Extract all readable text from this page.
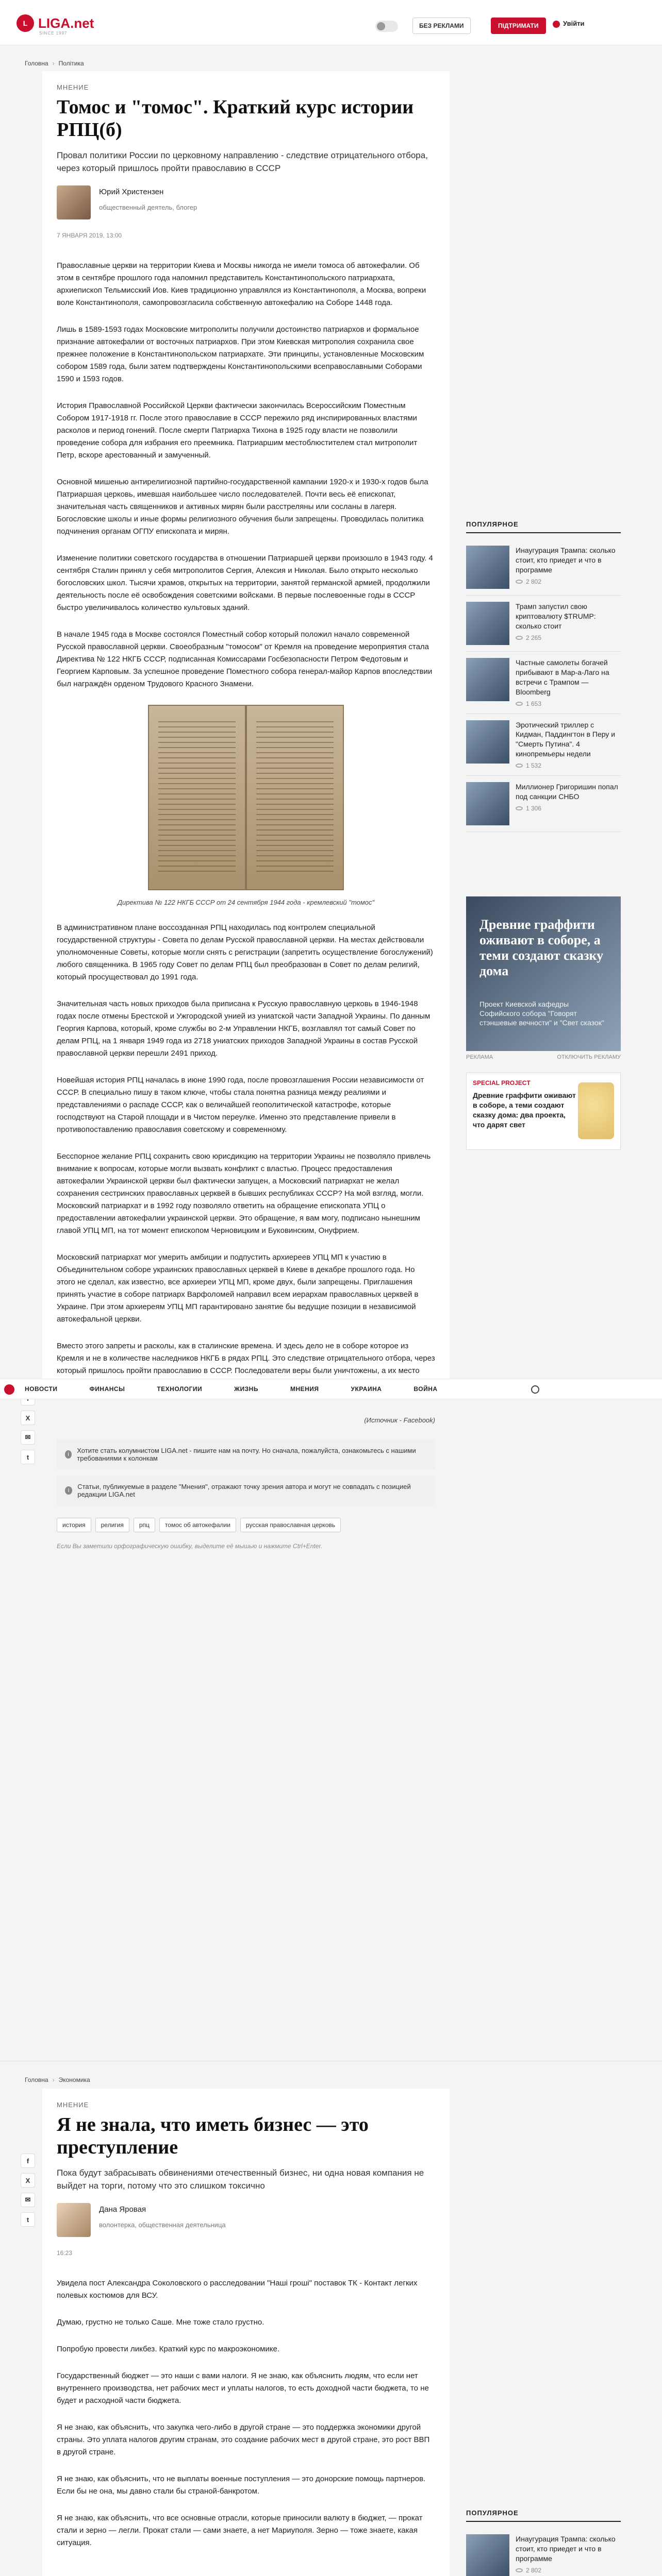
L LIGA.net
SINCE 1997
БЕЗ РЕКЛАМИ	ПІДТРИМАТИ	Увійти
Головна › Політика
МНЕНИЕ
Томос и "томос". Краткий курс истории РПЦ(б)
Провал политики России по церковному направлению - следствие отрицательного отбора, через который пришлось пройти православию в СССР
Юрий Христензен
общественный деятель, блогер
7 ЯНВАРЯ 2019, 13:00

Православные церкви на территории Киева и Москвы никогда не имели томоса об автокефалии. Об этом в сентябре прошлого года напомнил представитель Константинопольского патриархата, архиепископ Тельмисский Иов. Киев традиционно управлялся из Константинополя, а Москва, вопреки воле Константинополя, самопровозгласила собственную автокефалию на Соборе 1448 года.

Лишь в 1589-1593 годах Московские митрополиты получили достоинство патриархов и формальное признание автокефалии от восточных патриархов. При этом Киевская митрополия сохранила свое прежнее положение в Константинопольском патриархате. Эти принципы, установленные Московским собором 1589 года, были затем подтверждены Константинопольскими всеправославными Соборами 1590 и 1593 годов.

История Православной Российской Церкви фактически закончилась Всероссийским Поместным Собором 1917-1918 гг. После этого православие в СССР пережило ряд инспирированных властями расколов и период гонений. После смерти Патриарха Тихона в 1925 году власти не позволили проведение собора для избрания его преемника. Патриаршим местоблюстителем стал митрополит Петр, вскоре арестованный и замученный.

Основной мишенью антирелигиозной партийно-государственной кампании 1920-х и 1930-х годов была Патриаршая церковь, имевшая наибольшее число последователей. Почти весь её епископат, значительная часть священников и активных мирян были расстреляны или сосланы в лагеря. Богословские школы и иные формы религиозного обучения были запрещены. Проводилась политика подчинения органам ОГПУ епископата и мирян.

Изменение политики советского государства в отношении Патриаршей церкви произошло в 1943 году. 4 сентября Сталин принял у себя митрополитов Сергия, Алексия и Николая. Было открыто несколько богословских школ. Тысячи храмов, открытых на территории, занятой германской армией, продолжили деятельность после её освобождения советскими войсками. В первые послевоенные годы в СССР быстро увеличивалось количество культовых зданий.

В начале 1945 года в Москве состоялся Поместный собор который положил начало современной Русской православной церкви. Своеобразным "томосом" от Кремля на проведение мероприятия стала Директива № 122 НКГБ СССР, подписанная Комиссарами Госбезопасности Петром Федотовым и Георгием Карповым. За успешное проведение Поместного собора генерал-майор Карпов впоследствии был награждён орденом Трудового Красного Знамени.

Директива № 122 НКГБ СССР от 24 сентября 1944 года - кремлевский "томос"

В административном плане воссозданная РПЦ находилась под контролем специальной государственной структуры - Совета по делам Русской православной церкви. На местах действовали уполномоченные Советы, которые могли снять с регистрации (запретить осуществление богослужений) любого священника. В 1965 году Совет по делам РПЦ был преобразован в Совет по делам религий, который просуществовал до 1991 года.

Значительная часть новых приходов была приписана к Русскую православную церковь в 1946-1948 годах после отмены Брестской и Ужгородской унией из униатской части Западной Украины. По данным Георгия Карпова, который, кроме службы во 2-м Управлении НКГБ, возглавлял тот самый Совет по делам РПЦ, на 1 января 1949 года из 2718 униатских приходов Западной Украины в состав Русской православной церкви перешли 2491 приход.

Новейшая история РПЦ началась в июне 1990 года, после провозглашения России независимости от СССР. В специально пишу в таком ключе, чтобы стала понятна разница между реалиями и представлениями о распаде СССР, как о величайшей геополитической катастрофе, которые господствуют на Старой площади и в Чистом переулке. Именно это представление привели в противопоставлению православия советскому и современному.

Бесспорное желание РПЦ сохранить свою юрисдикцию на территории Украины не позволяло привлечь внимание к вопросам, которые могли вызвать конфликт с властью. Процесс предоставления автокефалии Украинской церкви был фактически запущен, а Московский патриархат не желал сохранения сестринских православных церквей в бывших республиках СССР? На мой взгляд, могли. Московский патриархат и в 1992 году позволяло ответить на обращение епископата УПЦ о предоставлении автокефалии украинской церкви. Это обращение, я вам могу, подписано нынешним главой УПЦ МП, на тот момент епископом Черновицким и Буковинским, Онуфрием.

Московский патриархат мог умерить амбиции и подпустить архиереев УПЦ МП к участию в Объединительном соборе украинских православных церквей в Киеве в декабре прошлого года. Но этого не сделал, как известно, все архиереи УПЦ МП, кроме двух, были запрещены. Приглашения принять участие в соборе патриарх Варфоломей направил всем иерархам православных церквей в Украине. При этом архиереям УПЦ МП гарантировано занятие бы ведущие позиции в независимой автокефальной церкви.

Вместо этого запреты и расколы, как в сталинские времена. И здесь дело не в соборе которое из Кремля и не в количестве наследников НКГБ в рядах РПЦ. Это следствие отрицательного отбора, через который пришлось пройти православию в СССР. Последователи веры были уничтожены, а их место

(Источник - Facebook)
i	Хотите стать колумнистом LIGA.net - пишите нам на почту. Но сначала, пожалуйста, ознакомьтесь с нашими требованиями к колонкам
i	Статьи, публикуемые в разделе "Мнения", отражают точку зрения автора и могут не совпадать с позицией редакции LIGA.net
история	религия	рпц	томос об автокефалии	русская православная церковь
Если Вы заметили орфографическую ошибку, выделите её мышью и нажмите Ctrl+Enter.
ПОПУЛЯРНОЕ
Инаугурация Трампа: сколько стоит, кто приедет и что в программе
2 802
Трамп запустил свою криптовалюту $TRUMP: сколько стоит
2 265
Частные самолеты богачей прибывают в Мар-а-Лаго на встречи с Трампом — Bloomberg
1 653
Эротический триллер с Кидман, Паддингтон в Перу и "Смерть Путина". 4 кинопремьеры недели
1 532
Миллионер Григоришин попал под санкции СНБО
1 306
Древние граффити оживают в соборе, а теми создают сказку дома
Проект Киевской кафедры Софийского собора "Говорят стэншевые вечности" и "Свет сказок"
РЕКЛАМА	ОТКЛЮЧИТЬ РЕКЛАМУ
SPECIAL PROJECT
Древние граффити оживают в соборе, а теми создают сказку дома: два проекта, что дарят свет
X
✉
t
НОВОСТИ	ФИНАНСЫ	ТЕХНОЛОГИИ	ЖИЗНЬ	МНЕНИЯ	УКРАИНА	ВОЙНА
Головна › Экономика
МНЕНИЕ
Я не знала, что иметь бизнес — это преступление
Пока будут забрасывать обвинениями отечественный бизнес, ни одна новая компания не выйдет на торги, потому что это слишком токсично
Дана Яровая
волонтерка, общественная деятельница
16:23

Увидела пост Александра Соколовского о расследовании "Наші гроші" поставок ТК - Контакт легких полевых костюмов для ВСУ.

Думаю, грустно не только Саше. Мне тоже стало грустно.

Попробую провести ликбез. Краткий курс по макроэкономике.

Государственный бюджет — это наши с вами налоги. Я не знаю, как объяснить людям, что если нет внутреннего производства, нет рабочих мест и уплаты налогов, то есть доходной части бюджета, то не будет и расходной части бюджета.

Я не знаю, как объяснить, что закупка чего-либо в другой стране — это поддержка экономики другой страны. Это уплата налогов другим странам, это создание рабочих мест в другой стране, это рост ВВП в другой стране.

Я не знаю, как объяснить, что не выплаты военные поступления — это донорские помощь партнеров. Если бы не она, мы давно стали бы страной-банкротом.

Я не знаю, как объяснить, что все основные отрасли, которые приносили валюту в бюджет, — прокат стали и зерно — легли. Прокат стали — сами знаете, а нет Мариуполя. Зерно — тоже знаете, какая ситуация.

f
X
✉
t
ПОПУЛЯРНОЕ
Инаугурация Трампа: сколько стоит, кто приедет и что в программе
2 802
